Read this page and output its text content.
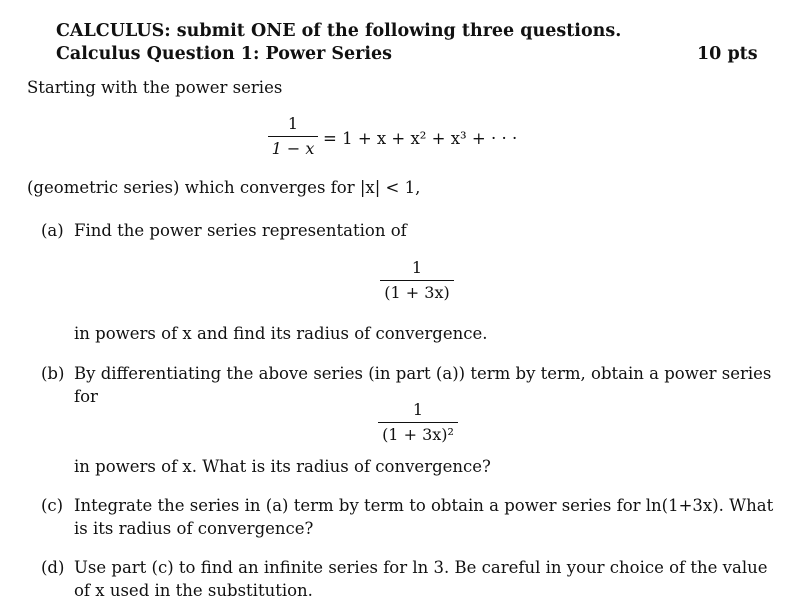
CALCULUS: submit ONE of the following three questions.
Calculus Question 1: Power Series	10 pts
Starting with the power series
1
1 − x
= 1 + x + x² + x³ + · · ·
(geometric series) which converges for |x| < 1,
(a) Find the power series representation of
1
(1 + 3x)
in powers of x and find its radius of convergence.
(b) By differentiating the above series (in part (a)) term by term, obtain a power series
for
1
(1 + 3x)²
in powers of x. What is its radius of convergence?
(c) Integrate the series in (a) term by term to obtain a power series for ln(1+3x). What
is its radius of convergence?
(d) Use part (c) to find an infinite series for ln 3. Be careful in your choice of the value
of x used in the substitution.
